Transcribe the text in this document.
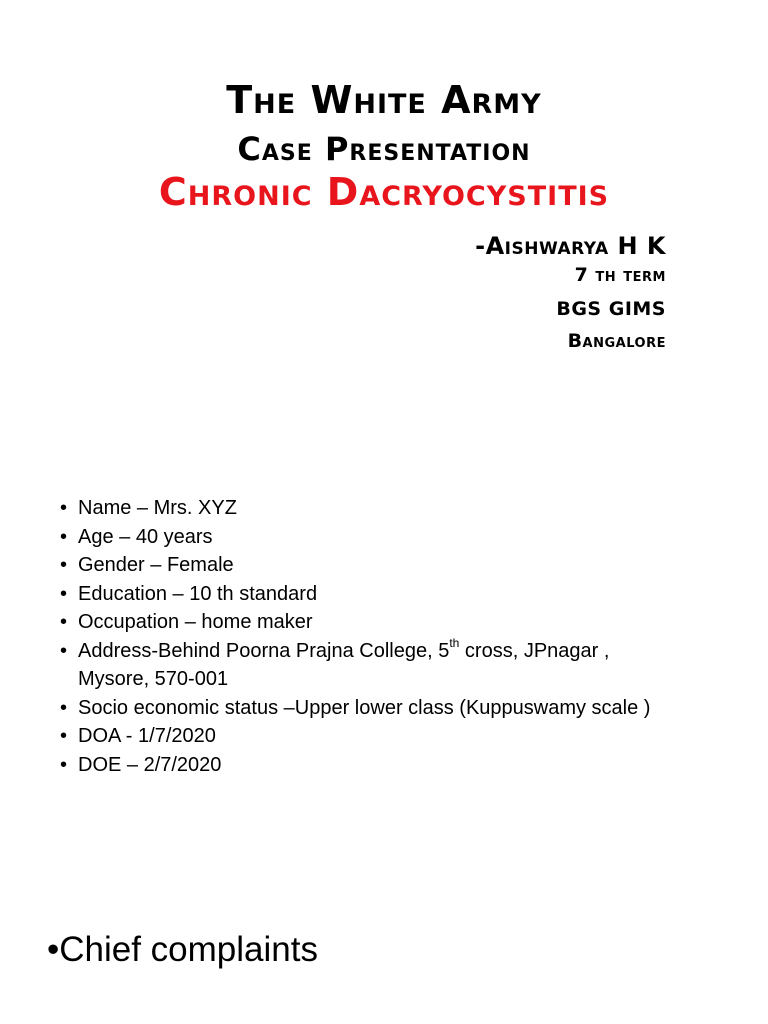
The White Army
Case Presentation
Chronic Dacryocystitis
-Aishwarya H K
7 th term
BGS GIMS
Bangalore
• Name – Mrs. XYZ
• Age – 40 years
• Gender – Female
• Education – 10 th standard
• Occupation – home maker
• Address-Behind Poorna Prajna College, 5th cross, JPnagar ,
Mysore, 570-001
• Socio economic status –Upper lower class (Kuppuswamy scale )
• DOA - 1/7/2020
• DOE – 2/7/2020
•Chief complaints
